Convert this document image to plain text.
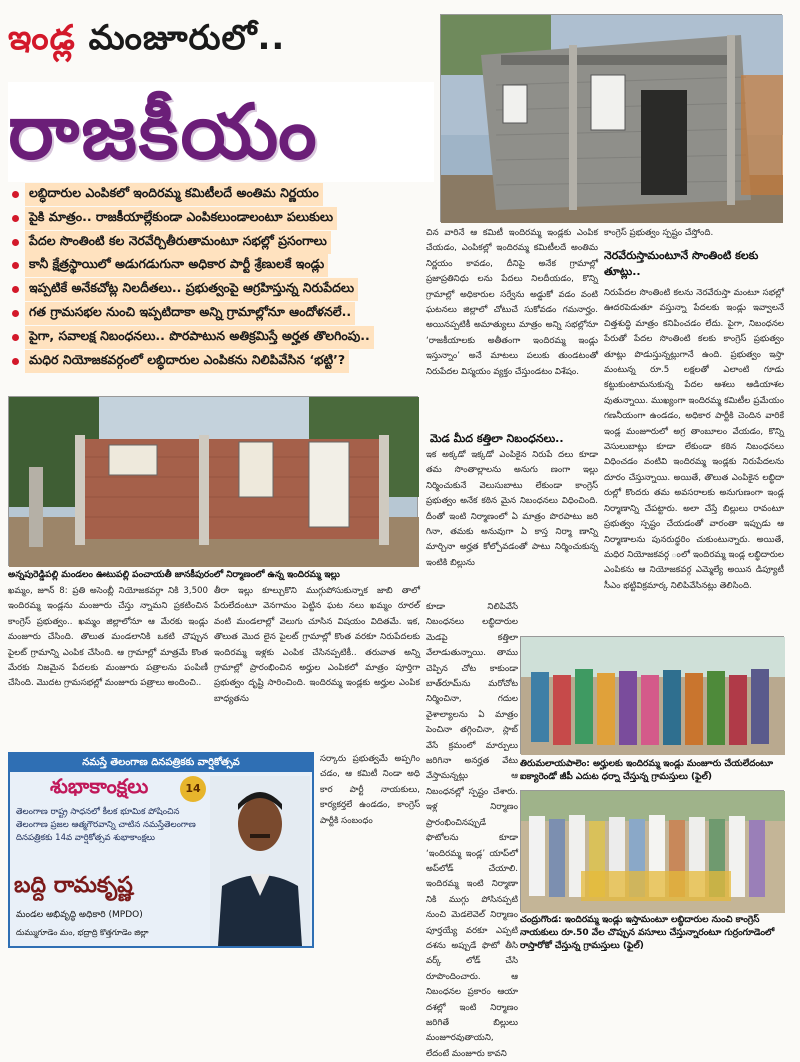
ఇండ్ల మంజూరులో..
రాజకీయం
లబ్ధిదారుల ఎంపికలో ఇందిరమ్మ కమిటీలదే అంతిమ నిర్ణయం
పైకి మాత్రం.. రాజకీయాల్లేకుండా ఎంపికలుండాలంటూ పలుకులు
పేదల సొంతింటి కల నెరవేర్చితీరుతామంటూ సభల్లో ప్రసంగాలు
కానీ క్షేత్రస్థాయిలో అడుగడుగునా అధికార పార్టీ శ్రేణులకే ఇండ్లు
ఇప్పటికే అనేకచోట్ల నిలదీతలు.. ప్రభుత్వంపై ఆగ్రహిస్తున్న నిరుపేదలు
గత గ్రామసభల నుంచి ఇప్పటిదాకా అన్ని గ్రామాల్లోనూ ఆందోళనలే..
పైగా, సవాలక్ష నిబంధనలు.. పొరపాటున అతిక్రమిస్తే అర్హత తొలగింపు..
మధిర నియోజకవర్గంలో లబ్ధిదారుల ఎంపికను నిలిపివేసిన ‘భట్టి’?
చిన వారినే ఆ కమిటీ ఇందిరమ్మ ఇండ్లకు ఎంపిక చేయడం, ఎంపికల్లో ఇందిరమ్మ కమిటీలదే అంతిమ నిర్ణయం కావడం, దీనిపై అనేక గ్రామాల్లో ప్రజాప్రతినిధు లను పేదలు నిలదీయడం, కొన్ని గ్రామాల్లో అధికారుల సర్వేను అడ్డుకో వడం వంటి ఘటనలు జిల్లాలో చోటుచే సుకోవడం గమనార్హం. అయినప్పటికీ అమాత్యులు మాత్రం అన్ని సభల్లోనూ ‘రాజకీయాలకు అతీతంగా ఇందిరమ్మ ఇండ్లు ఇస్తున్నాం’ అనే మాటలు పలుకు తుండటంతో నిరుపేదల విస్మయం వ్యక్తం చేస్తుండటం విశేషం.
మెడ మీద కత్తిలా నిబంధనలు..
ఇక అక్కడో ఇక్కడో ఎంపికైన నిరుపే దలు కూడా తమ సొంతాల్లాలను అనుగు ణంగా ఇల్లు నిర్మించుకునే వెలుసుబాటు లేకుండా కాంగ్రెస్ ప్రభుత్వం అనేక కఠిన మైన నిబంధనలు విధించింది. దీంతో ఇంటి నిర్మాణంలో ఏ మాత్రం పొరపాటు జరి గినా, తమకు అనువుగా ఏ కాస్త నిర్మా ణాన్ని మార్చినా అర్హత కోల్పోవడంతో పాటు నిర్మించుకున్న ఇంటికి బిల్లును
కాంగ్రెస్ ప్రభుత్వం స్పష్టం చేస్తోంది.
నెరవేరుస్తామంటూనే సొంతింటి కలకు తూట్లు..
నిరుపేదల సొంతింటి కలను నెరవేరుస్తా మంటూ సభల్లో ఊదరపెడుతూ వస్తున్నా పేదలకు ఇండ్లు ఇవ్వాలనే చిత్తశుద్ధి మాత్రం కనిపించడం లేదు. పైగా, నిబంధనల పేరుతో పేదల సొంతింటి కలకు కాంగ్రెస్ ప్రభుత్వం తూట్లు పొడుస్తున్నట్లుగానే ఉంది. ప్రభుత్వం ఇస్తా మంటున్న రూ.5 లక్షలతో ఎలాంటి గూడు కట్టుకుంటామనుకున్న పేదల ఆశలు ఆడియాశల వుతున్నాయి. ముఖ్యంగా ఇందిరమ్మ కమిటీల ప్రమేయం గణనీయంగా ఉండడం, అధికార పార్టీకి చెందిన వారికే ఇండ్ల మంజూరులో అగ్ర తాంబూలం వేయడం, కొన్ని వెసులుబాట్లు కూడా లేకుండా కఠిన నిబంధనలు విధించడం వంటివి ఇందిరమ్మ ఇండ్లకు నిరుపేదలను దూరం చేస్తున్నాయి. అయితే, తొలుత ఎంపికైన లబ్ధిదా రుల్లో కొందరు తమ అవసరాలకు అనుగుణంగా ఇండ్ల నిర్మాణాన్ని చేపట్టారు. అలా చేస్తే బిల్లులు రావంటూ ప్రభుత్వం స్పష్టం చేయడంతో వారంతా ఇప్పుడు ఆ నిర్మాణాలను పునరుద్ధరిం చుకుంటున్నారు. అయితే, మధిర నియోజకవర్గ ంలో ఇందిరమ్మ ఇండ్ల లబ్ధిదారుల ఎంపికను ఆ నియోజకవర్గ ఎమ్మెల్యే అయిన డిప్యూటీ సీఎం భట్టివిక్రమార్క నిలిపివేసినట్లు తెలిసింది.
అన్నపురెడ్డిపల్లి మండలం ఊటుపల్లి పంచాయతీ జానకీపురంలో నిర్మాణంలో ఉన్న ఇందిరమ్మ ఇల్లు
ఖమ్మం, జూన్ 8: ప్రతి అసెంబ్లీ నియోజకవర్గా నికి 3,500 ఇందిరమ్మ ఇండ్లను మంజూరు చేస్తు న్నామని ప్రకటించిన కాంగ్రెస్ ప్రభుత్వం.. ఖమ్మం జిల్లాలోనూ ఆ మేరకు ఇండ్లు మంజూరు చేసింది. తొలుత మండలానికి ఒకటి చొప్పున పైలట్ గ్రామాన్ని ఎంపిక చేసింది. ఆ గ్రామాల్లో మాత్రమే కొంత మేరకు నిజమైన పేదలకు మంజూరు పత్రాలను పంపిణీ చేసింది. మొదట గ్రామసభల్లో మంజూరు పత్రాలు అందించి..
తీరా ఇల్లు కూల్చుకొని ముగ్గుపోసుకున్నాక జాబి తాలో పేరులేదంటూ వెనగామం పెట్టిన ఘట నలు ఖమ్మం రూరల్ వంటి మండలాల్లో వెలుగు చూసిన విషయం విదితమే. ఇక, తొలుత మొద లైన పైలట్ గ్రామాల్లో కొంత వరకూ నిరుపేదలకు ఇందిరమ్మ ఇళ్లకు ఎంపిక చేసినప్పటికీ.. తరువాత అన్ని గ్రామాల్లో ప్రారంభించిన అర్హుల ఎంపికలో మాత్రం పూర్తిగా ప్రభుత్వం దృష్టి సారించింది. ఇందిరమ్మ ఇండ్లకు అర్హుల ఎంపిక బాధ్యతను
సర్కారు ప్రభుత్వమే అప్పగిం చడం, ఆ కమిటీ నిండా అధి కార పార్టీ నాయకులు, కార్యకర్తలే ఉండడం, కాంగ్రెస్ పార్టీకి సంబంధం
కూడా నిలిపివేసే నిబంధనలు లబ్ధిదారుల మెడపై కత్తిలా వేలాడుతున్నాయి. తాము చెప్పిన చోట కాకుండా బాత్‌రూమ్‌ను మరోచోట నిర్మించినా, గదుల వైశాల్యాలను ఏ మాత్రం పెంచినా తగ్గించినా, స్లాబ్ వేసే క్రమంలో మార్పులు జరిగినా అనర్హత వేటు వేస్తామన్నట్లు ఆ నిబంధనల్లో స్పష్టం చేశారు. ఇళ్ల నిర్మాణం ప్రారంభించినప్పుడే ఫొటోలను కూడా ‘ఇందిరమ్మ ఇండ్ల’ యాప్‌లో అప్‌లోడ్ చేయాలి. ఇందిరమ్మ ఇంటి నిర్మాణా నికి ముగ్గు పోసినప్పటి నుంచి మెడలెవెల్ నిర్మాణం పూర్తయ్యే వరకూ ఎప్పటి దశను అప్పుడే ఫొటో తీసి వర్క్ లోడ్ చేసి రూపొందించారు. ఆ నిబంధనల ప్రకారం ఆయా దశల్లో ఇంటి నిర్మాణం జరిగితే బిల్లులు మంజూరవుతాయని, లేదంటే మంజూరు కావని
తిరుమలాయపాలెం: అర్హులకు ఇందిరమ్మ ఇండ్లు మంజూరు చేయలేదంటూ ఐక్యారెండో జీపీ ఎదుట ధర్నా చేస్తున్న గ్రామస్తులు (ఫైల్)
చంద్రుగొండ: ఇందిరమ్మ ఇండ్లు ఇస్తామంటూ లబ్ధిదారుల నుంచి కాంగ్రెస్ నాయకులు రూ.50 వేల చొప్పున వసూలు చేస్తున్నారంటూ గుర్రంగూడెంలో రాస్తారోకో చేస్తున్న గ్రామస్తులు (ఫైల్)
నమస్తే తెలంగాణ దినపత్రికకు వార్షికోత్సవ
శుభాకాంక్షలు	14
తెలంగాణ రాష్ట్ర సాధనలో కీలక భూమిక పోషించిన తెలంగాణ ప్రజల ఆత్మగౌరవాన్ని చాటిన నమస్తేతెలంగాణ దినపత్రికకు 14వ వార్షికోత్సవ శుభాకాంక్షలు
బద్ది రామకృష్ణ
మండల అభివృద్ధి అధికారి (MPDO)
దుమ్ముగూడెం మం, భద్రాద్రి కొత్తగూడెం జిల్లా
